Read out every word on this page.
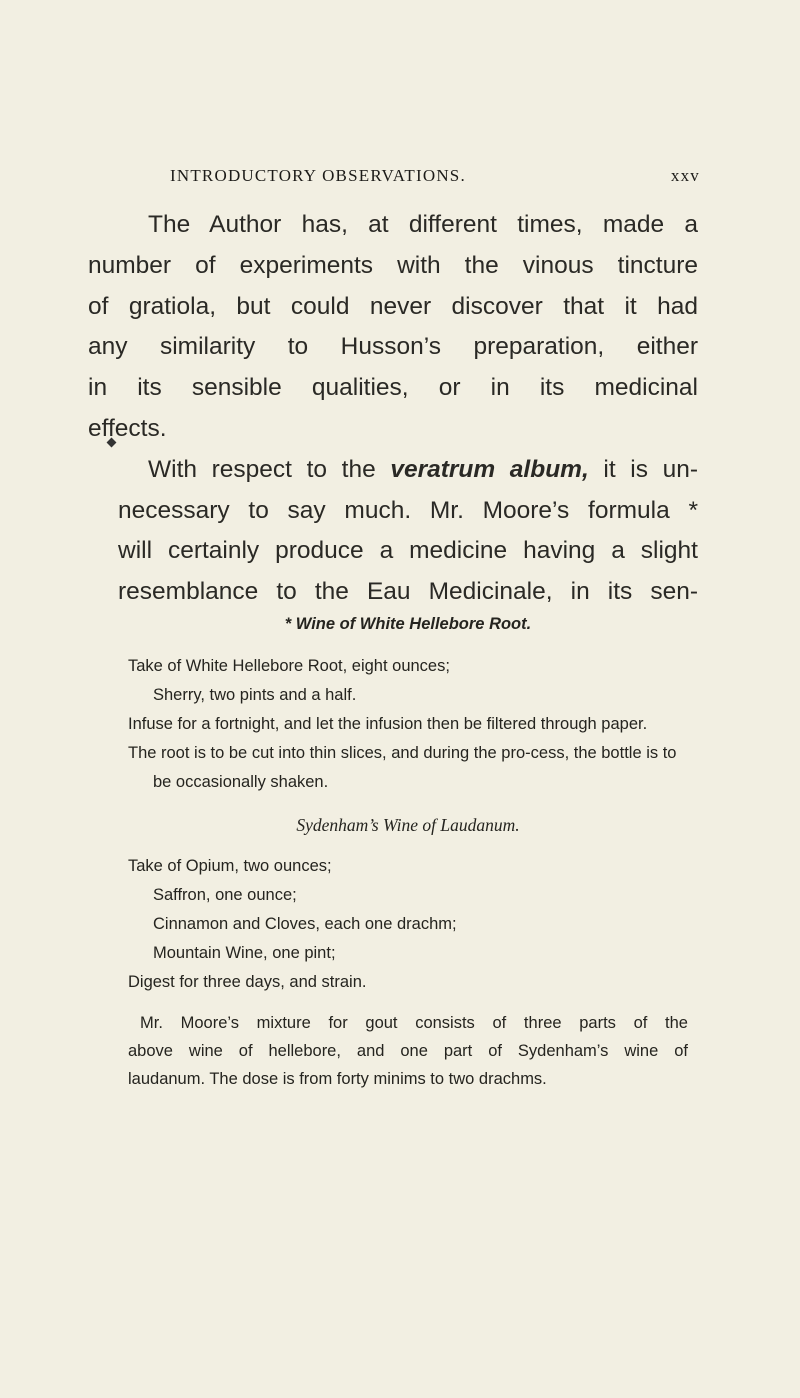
INTRODUCTORY OBSERVATIONS.	xxv

The Author has, at different times, made a
number of experiments with the vinous tincture
of gratiola, but could never discover that it had
any similarity to Husson’s preparation, either
in its sensible qualities, or in its medicinal
effects.

With respect to the veratrum album, it is un-
necessary to say much. Mr. Moore’s formula *
will certainly produce a medicine having a slight
resemblance to the Eau Medicinale, in its sen-

* Wine of White Hellebore Root.

Take of White Hellebore Root, eight ounces;

Sherry, two pints and a half.

Infuse for a fortnight, and let the infusion then be filtered through paper.

The root is to be cut into thin slices, and during the pro-cess, the bottle is to be occasionally shaken.

Sydenham’s Wine of Laudanum.

Take of Opium, two ounces;

Saffron, one ounce;

Cinnamon and Cloves, each one drachm;

Mountain Wine, one pint;

Digest for three days, and strain.

Mr. Moore’s mixture for gout consists of three parts of the
above wine of hellebore, and one part of Sydenham’s wine of
laudanum. The dose is from forty minims to two drachms.
